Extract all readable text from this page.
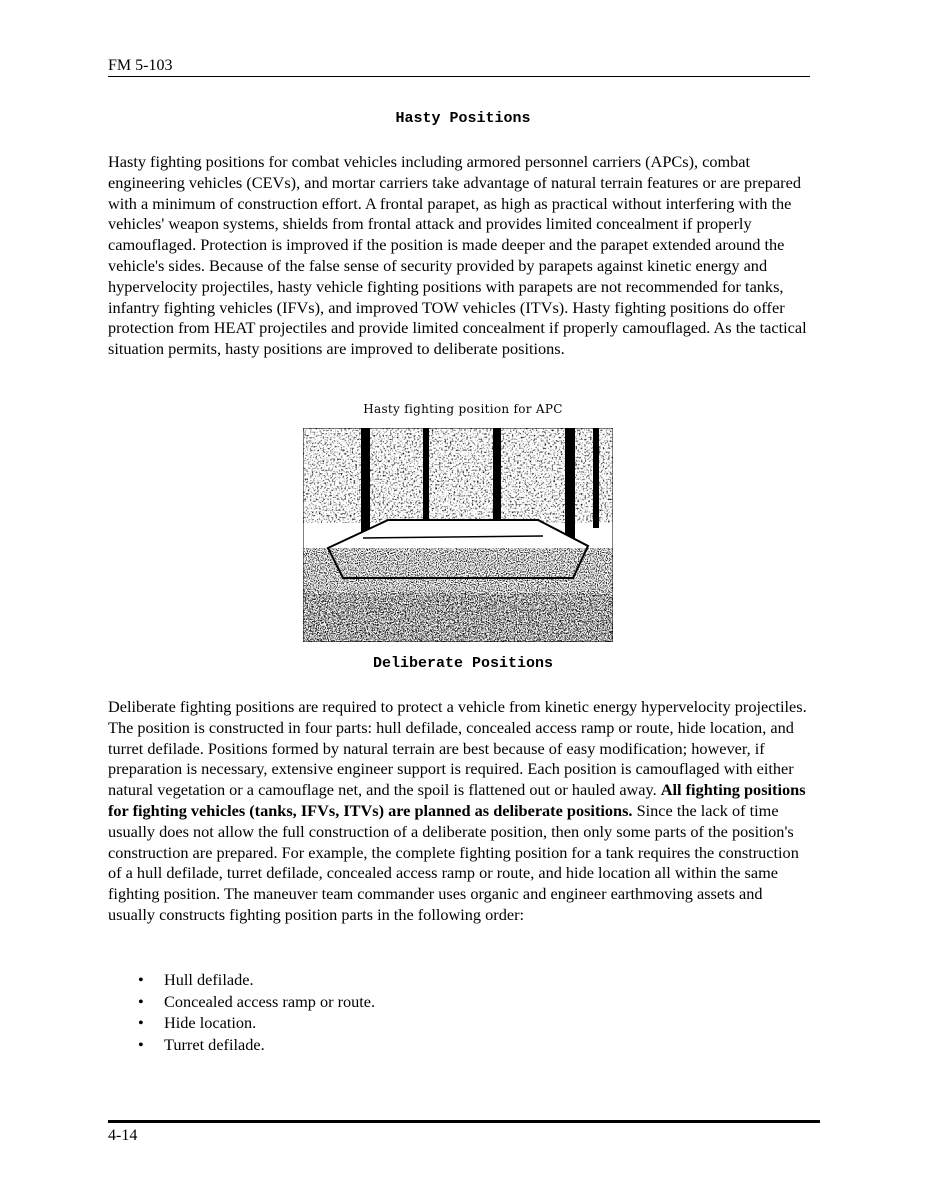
FM 5-103
Hasty Positions

Hasty fighting positions for combat vehicles including armored personnel carriers (APCs), combat engineering vehicles (CEVs), and mortar carriers take advantage of natural terrain features or are prepared with a minimum of construction effort. A frontal parapet, as high as practical without interfering with the vehicles' weapon systems, shields from frontal attack and provides limited concealment if properly camouflaged. Protection is improved if the position is made deeper and the parapet extended around the vehicle's sides. Because of the false sense of security provided by parapets against kinetic energy and hypervelocity projectiles, hasty vehicle fighting positions with parapets are not recommended for tanks, infantry fighting vehicles (IFVs), and improved TOW vehicles (ITVs). Hasty fighting positions do offer protection from HEAT projectiles and provide limited concealment if properly camouflaged. As the tactical situation permits, hasty positions are improved to deliberate positions.

Hasty fighting position for APC
Deliberate Positions

Deliberate fighting positions are required to protect a vehicle from kinetic energy hypervelocity projectiles. The position is constructed in four parts: hull defilade, concealed access ramp or route, hide location, and turret defilade. Positions formed by natural terrain are best because of easy modification; however, if preparation is necessary, extensive engineer support is required. Each position is camouflaged with either natural vegetation or a camouflage net, and the spoil is flattened out or hauled away. All fighting positions for fighting vehicles (tanks, IFVs, ITVs) are planned as deliberate positions. Since the lack of time usually does not allow the full construction of a deliberate position, then only some parts of the position's construction are prepared. For example, the complete fighting position for a tank requires the construction of a hull defilade, turret defilade, concealed access ramp or route, and hide location all within the same fighting position. The maneuver team commander uses organic and engineer earthmoving assets and usually constructs fighting position parts in the following order:

• Hull defilade.
• Concealed access ramp or route.
• Hide location.
• Turret defilade.
4-14
